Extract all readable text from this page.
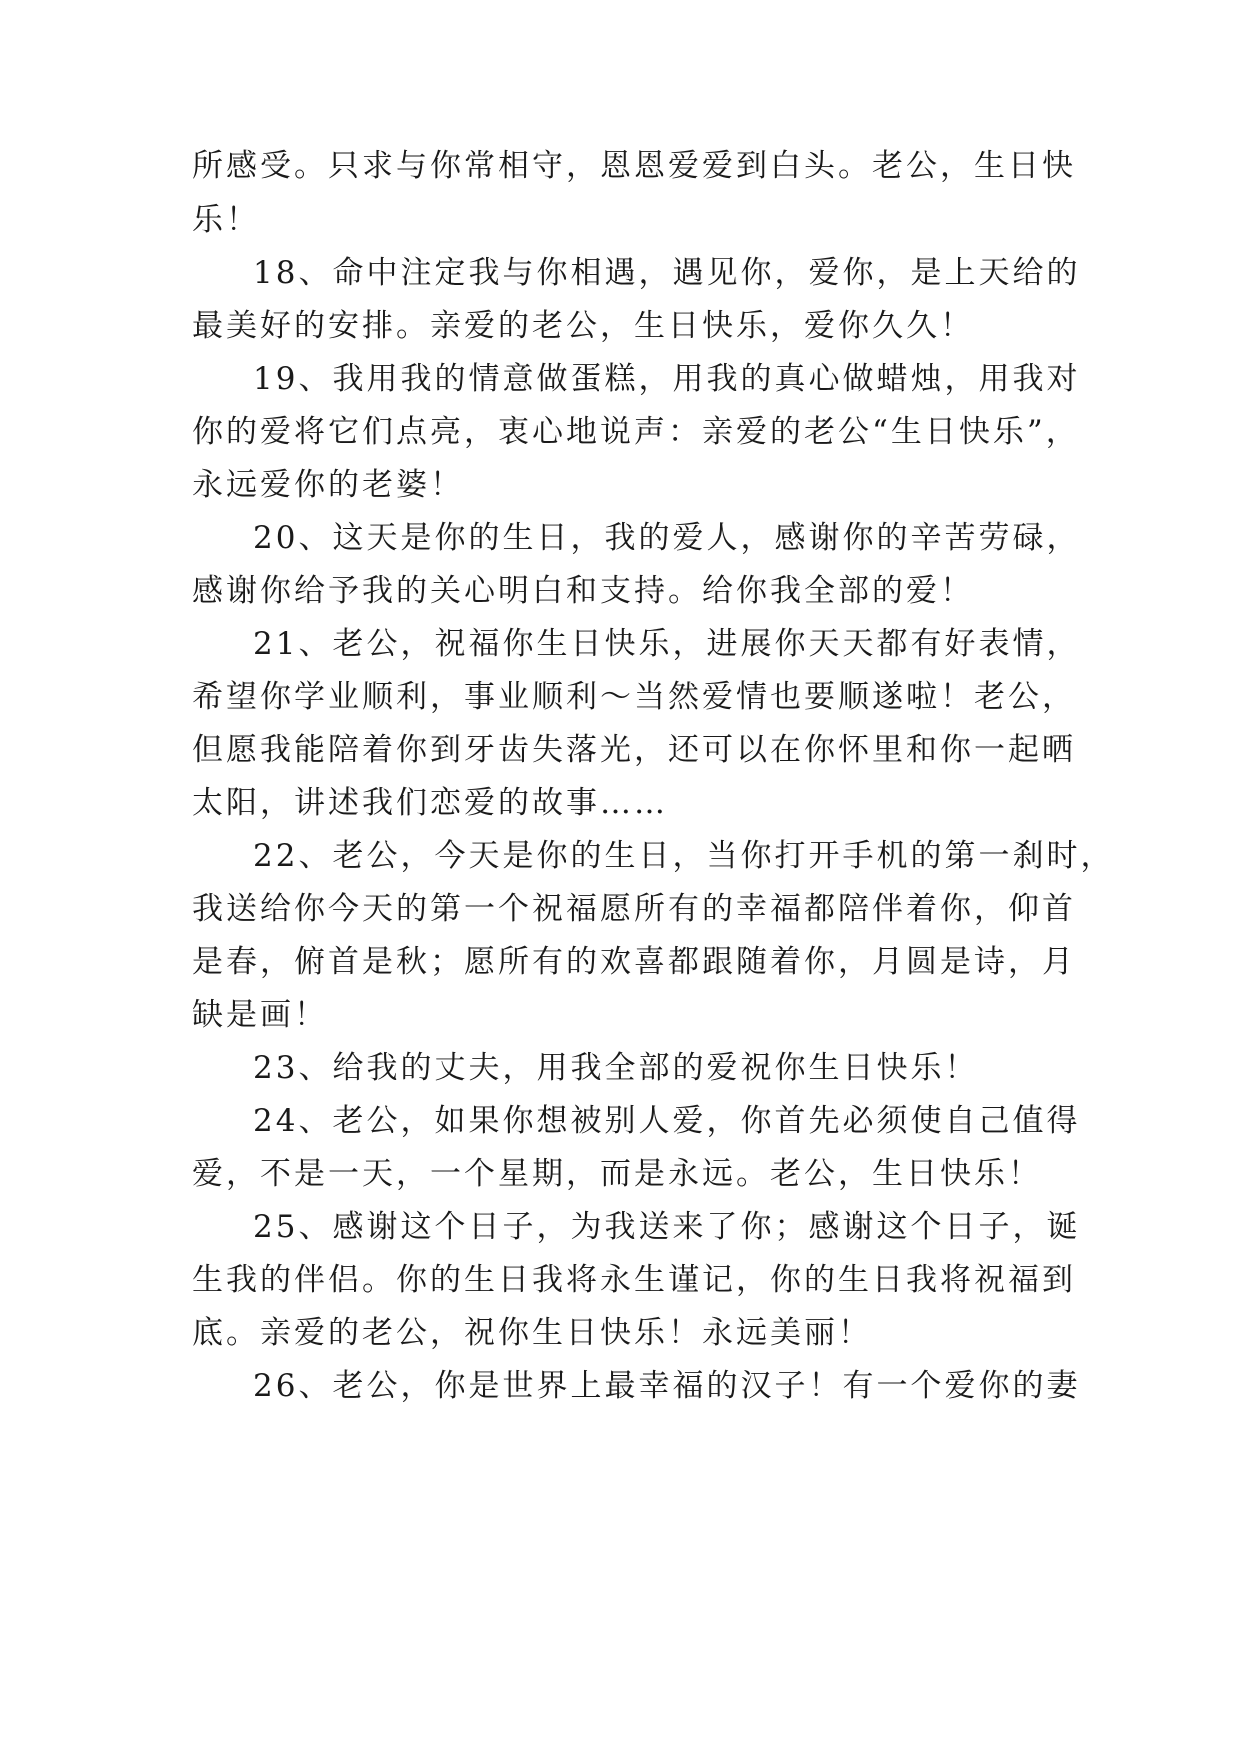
所感受。只求与你常相守，恩恩爱爱到白头。老公，生日快
乐！
18、命中注定我与你相遇，遇见你，爱你，是上天给的
最美好的安排。亲爱的老公，生日快乐，爱你久久！
19、我用我的情意做蛋糕，用我的真心做蜡烛，用我对
你的爱将它们点亮，衷心地说声：亲爱的老公“生日快乐”，
永远爱你的老婆！
20、这天是你的生日，我的爱人，感谢你的辛苦劳碌，
感谢你给予我的关心明白和支持。给你我全部的爱！
21、老公，祝福你生日快乐，进展你天天都有好表情，
希望你学业顺利，事业顺利～当然爱情也要顺遂啦！老公，
但愿我能陪着你到牙齿失落光，还可以在你怀里和你一起晒
太阳，讲述我们恋爱的故事……
22、老公，今天是你的生日，当你打开手机的第一刹时，
我送给你今天的第一个祝福愿所有的幸福都陪伴着你，仰首
是春，俯首是秋；愿所有的欢喜都跟随着你，月圆是诗，月
缺是画！
23、给我的丈夫，用我全部的爱祝你生日快乐！
24、老公，如果你想被别人爱，你首先必须使自己值得
爱，不是一天，一个星期，而是永远。老公，生日快乐！
25、感谢这个日子，为我送来了你；感谢这个日子，诞
生我的伴侣。你的生日我将永生谨记，你的生日我将祝福到
底。亲爱的老公，祝你生日快乐！永远美丽！
26、老公，你是世界上最幸福的汉子！有一个爱你的妻
